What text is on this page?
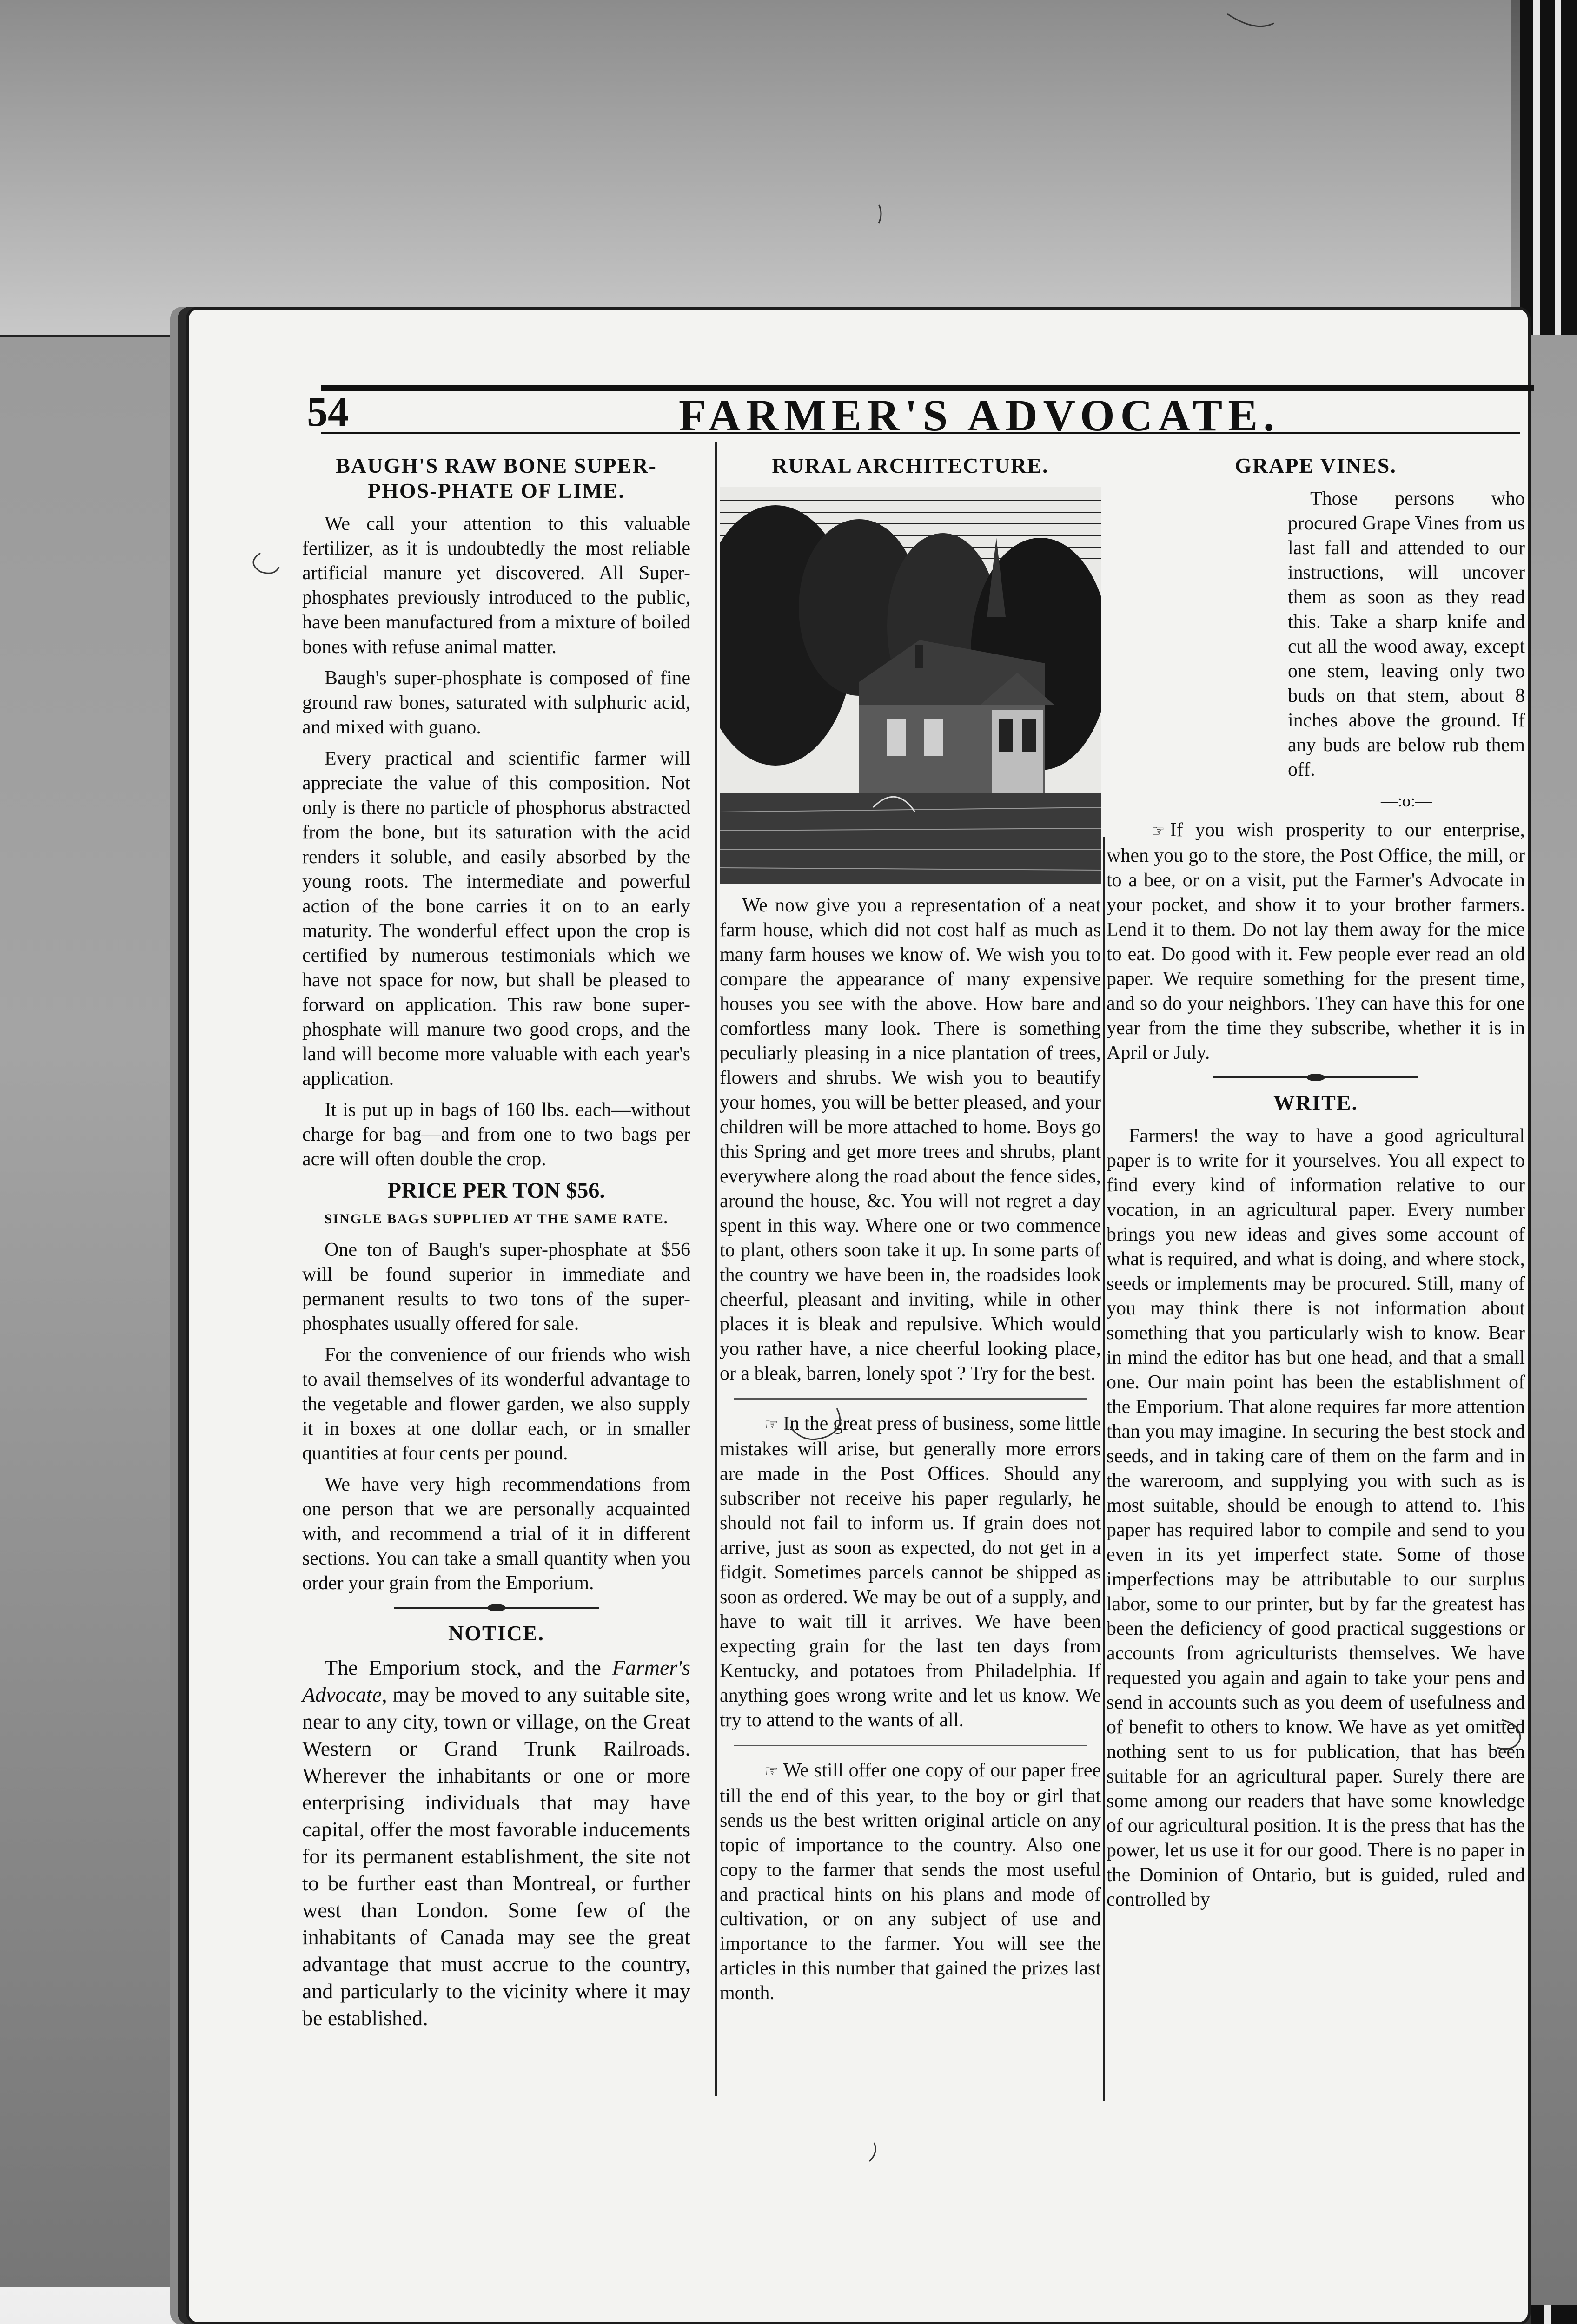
54	FARMER'S ADVOCATE.
BAUGH'S RAW BONE SUPER-PHOS-PHATE OF LIME.

We call your attention to this valuable fertilizer, as it is undoubtedly the most reliable artificial manure yet discovered. All Super-phosphates previously introduced to the public, have been manufactured from a mixture of boiled bones with refuse animal matter.

Baugh's super-phosphate is composed of fine ground raw bones, saturated with sulphuric acid, and mixed with guano.

Every practical and scientific farmer will appreciate the value of this composition. Not only is there no particle of phosphorus abstracted from the bone, but its saturation with the acid renders it soluble, and easily absorbed by the young roots. The intermediate and powerful action of the bone carries it on to an early maturity. The wonderful effect upon the crop is certified by numerous testimonials which we have not space for now, but shall be pleased to forward on application. This raw bone super-phosphate will manure two good crops, and the land will become more valuable with each year's application.

It is put up in bags of 160 lbs. each—without charge for bag—and from one to two bags per acre will often double the crop.

PRICE PER TON $56.
SINGLE BAGS SUPPLIED AT THE SAME RATE.

One ton of Baugh's super-phosphate at $56 will be found superior in immediate and permanent results to two tons of the super-phosphates usually offered for sale.

For the convenience of our friends who wish to avail themselves of its wonderful advantage to the vegetable and flower garden, we also supply it in boxes at one dollar each, or in smaller quantities at four cents per pound.

We have very high recommendations from one person that we are personally acquainted with, and recommend a trial of it in different sections. You can take a small quantity when you order your grain from the Emporium.

NOTICE.

The Emporium stock, and the Farmer's Advocate, may be moved to any suitable site, near to any city, town or village, on the Great Western or Grand Trunk Railroads. Wherever the inhabitants or one or more enterprising individuals that may have capital, offer the most favorable inducements for its permanent establishment, the site not to be further east than Montreal, or further west than London. Some few of the inhabitants of Canada may see the great advantage that must accrue to the country, and particularly to the vicinity where it may be established.

RURAL ARCHITECTURE.

We now give you a representation of a neat farm house, which did not cost half as much as many farm houses we know of. We wish you to compare the appearance of many expensive houses you see with the above. How bare and comfortless many look. There is something peculiarly pleasing in a nice plantation of trees, flowers and shrubs. We wish you to beautify your homes, you will be better pleased, and your children will be more attached to home. Boys go this Spring and get more trees and shrubs, plant everywhere along the road about the fence sides, around the house, &c. You will not regret a day spent in this way. Where one or two commence to plant, others soon take it up. In some parts of the country we have been in, the roadsides look cheerful, pleasant and inviting, while in other places it is bleak and repulsive. Which would you rather have, a nice cheerful looking place, or a bleak, barren, lonely spot ? Try for the best.

☞ In the great press of business, some little mistakes will arise, but generally more errors are made in the Post Offices. Should any subscriber not receive his paper regularly, he should not fail to inform us. If grain does not arrive, just as soon as expected, do not get in a fidgit. Sometimes parcels cannot be shipped as soon as ordered. We may be out of a supply, and have to wait till it arrives. We have been expecting grain for the last ten days from Kentucky, and potatoes from Philadelphia. If anything goes wrong write and let us know. We try to attend to the wants of all.

☞ We still offer one copy of our paper free till the end of this year, to the boy or girl that sends us the best written original article on any topic of importance to the country. Also one copy to the farmer that sends the most useful and practical hints on his plans and mode of cultivation, or on any subject of use and importance to the farmer. You will see the articles in this number that gained the prizes last month.

GRAPE VINES.

Those persons who procured Grape Vines from us last fall and attended to our instructions, will uncover them as soon as they read this. Take a sharp knife and cut all the wood away, except one stem, leaving only two buds on that stem, about 8 inches above the ground. If any buds are below rub them off.

—:o:—

☞ If you wish prosperity to our enterprise, when you go to the store, the Post Office, the mill, or to a bee, or on a visit, put the Farmer's Advocate in your pocket, and show it to your brother farmers. Lend it to them. Do not lay them away for the mice to eat. Do good with it. Few people ever read an old paper. We require something for the present time, and so do your neighbors. They can have this for one year from the time they subscribe, whether it is in April or July.

WRITE.

Farmers! the way to have a good agricultural paper is to write for it yourselves. You all expect to find every kind of information relative to our vocation, in an agricultural paper. Every number brings you new ideas and gives some account of what is required, and what is doing, and where stock, seeds or implements may be procured. Still, many of you may think there is not information about something that you particularly wish to know. Bear in mind the editor has but one head, and that a small one. Our main point has been the establishment of the Emporium. That alone requires far more attention than you may imagine. In securing the best stock and seeds, and in taking care of them on the farm and in the wareroom, and supplying you with such as is most suitable, should be enough to attend to. This paper has required labor to compile and send to you even in its yet imperfect state. Some of those imperfections may be attributable to our surplus labor, some to our printer, but by far the greatest has been the deficiency of good practical suggestions or accounts from agriculturists themselves. We have requested you again and again to take your pens and send in accounts such as you deem of usefulness and of benefit to others to know. We have as yet omitted nothing sent to us for publication, that has been suitable for an agricultural paper. Surely there are some among our readers that have some knowledge of our agricultural position. It is the press that has the power, let us use it for our good. There is no paper in the Dominion of Ontario, but is guided, ruled and controlled by
